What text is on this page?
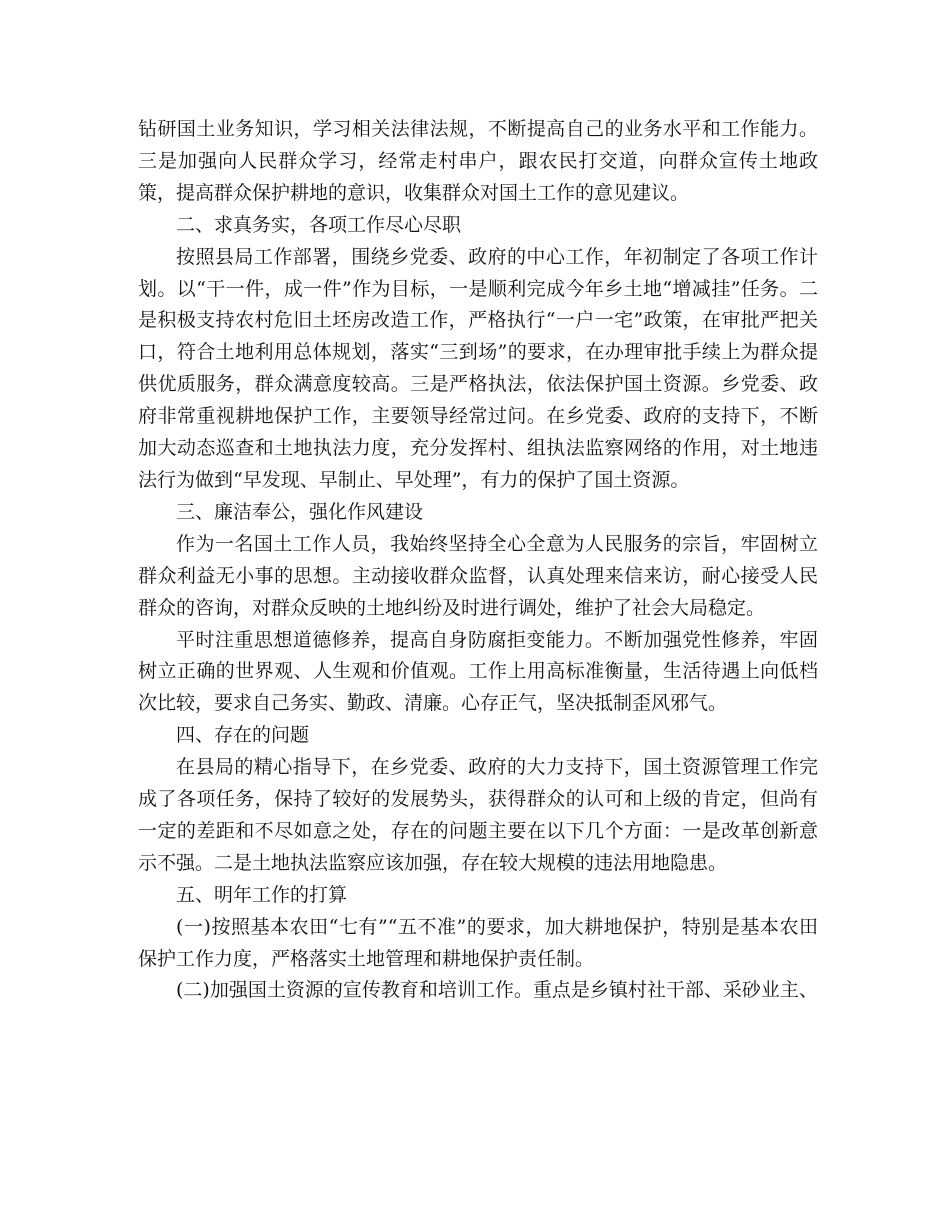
钻研国土业务知识，学习相关法律法规，不断提高自己的业务水平和工作能力。三是加强向人民群众学习，经常走村串户，跟农民打交道，向群众宣传土地政策，提高群众保护耕地的意识，收集群众对国土工作的意见建议。

二、求真务实，各项工作尽心尽职

按照县局工作部署，围绕乡党委、政府的中心工作，年初制定了各项工作计划。以“干一件，成一件”作为目标，一是顺利完成今年乡土地“增减挂”任务。二是积极支持农村危旧土坯房改造工作，严格执行“一户一宅”政策，在审批严把关口，符合土地利用总体规划，落实“三到场”的要求，在办理审批手续上为群众提供优质服务，群众满意度较高。三是严格执法，依法保护国土资源。乡党委、政府非常重视耕地保护工作，主要领导经常过问。在乡党委、政府的支持下，不断加大动态巡查和土地执法力度，充分发挥村、组执法监察网络的作用，对土地违法行为做到“早发现、早制止、早处理”，有力的保护了国土资源。

三、廉洁奉公，强化作风建设

作为一名国土工作人员，我始终坚持全心全意为人民服务的宗旨，牢固树立群众利益无小事的思想。主动接收群众监督，认真处理来信来访，耐心接受人民群众的咨询，对群众反映的土地纠纷及时进行调处，维护了社会大局稳定。

平时注重思想道德修养，提高自身防腐拒变能力。不断加强党性修养，牢固树立正确的世界观、人生观和价值观。工作上用高标准衡量，生活待遇上向低档次比较，要求自己务实、勤政、清廉。心存正气，坚决抵制歪风邪气。

四、存在的问题

在县局的精心指导下，在乡党委、政府的大力支持下，国土资源管理工作完成了各项任务，保持了较好的发展势头，获得群众的认可和上级的肯定，但尚有一定的差距和不尽如意之处，存在的问题主要在以下几个方面：一是改革创新意示不强。二是土地执法监察应该加强，存在较大规模的违法用地隐患。

五、明年工作的打算

(一)按照基本农田“七有”“五不准”的要求，加大耕地保护，特别是基本农田保护工作力度，严格落实土地管理和耕地保护责任制。

(二)加强国土资源的宣传教育和培训工作。重点是乡镇村社干部、采砂业主、
